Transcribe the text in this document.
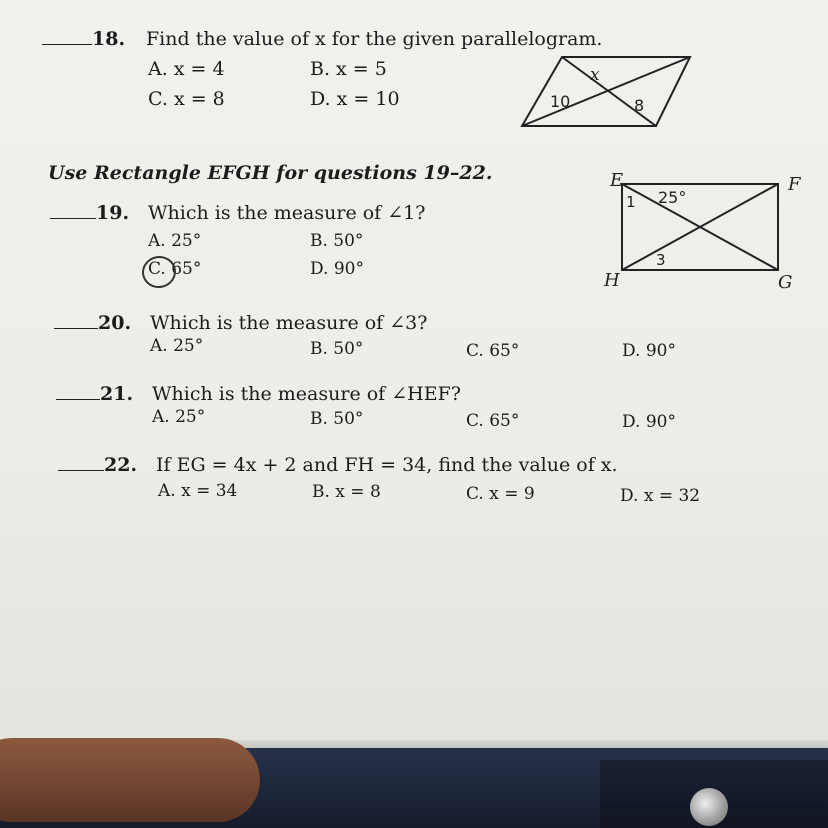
18. Find the value of x for the given parallelogram.
A. x = 4	B. x = 5
C. x = 8	D. x = 10
x
10	8
Use Rectangle EFGH for questions 19–22.	E	F
G
H
1 25°
3
19. Which is the measure of ∠1?
A. 25°	B. 50°
C. 65°	D. 90°
20. Which is the measure of ∠3?
A. 25°	B. 50°	C. 65°	D. 90°
21. Which is the measure of ∠HEF?
A. 25°	B. 50°	C. 65°	D. 90°
22. If EG = 4x + 2 and FH = 34, find the value of x.
A. x = 34	B. x = 8	C. x = 9	D. x = 32
